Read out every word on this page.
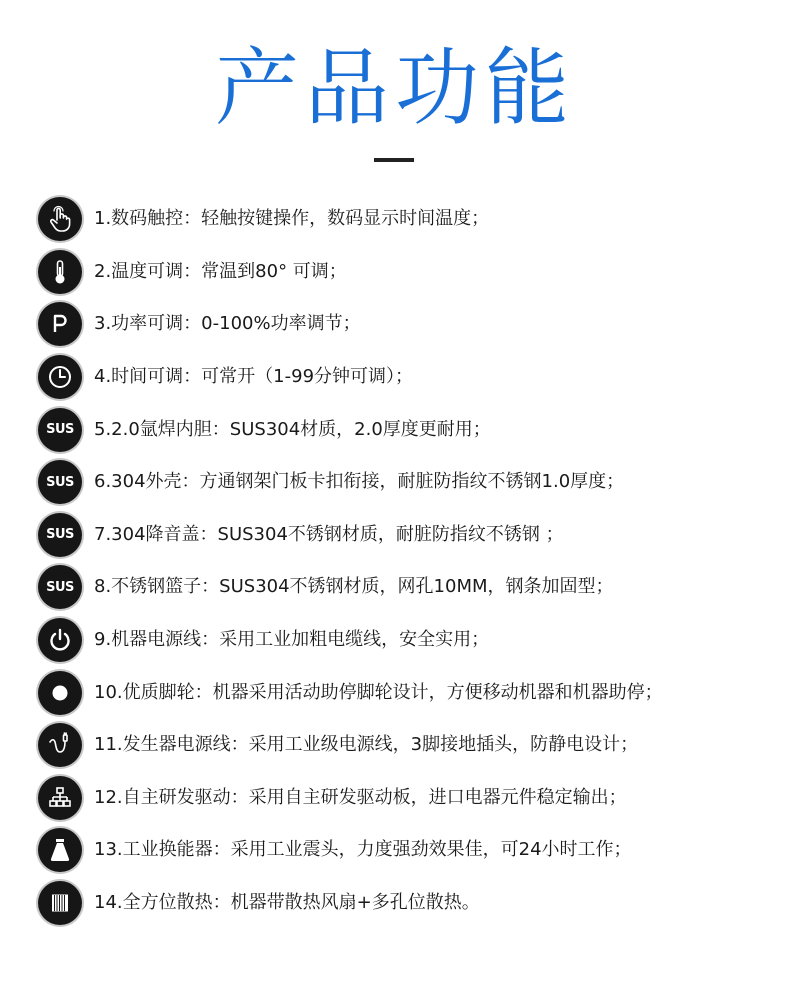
产品功能
1.数码触控：轻触按键操作，数码显示时间温度；
2.温度可调：常温到80° 可调；
3.功率可调：0-100%功率调节；
4.时间可调：可常开（1-99分钟可调）；
SUS 5.2.0氩焊内胆：SUS304材质，2.0厚度更耐用；
SUS 6.304外壳：方通钢架门板卡扣衔接，耐脏防指纹不锈钢1.0厚度；
SUS 7.304降音盖：SUS304不锈钢材质，耐脏防指纹不锈钢 ；
SUS 8.不锈钢篮子：SUS304不锈钢材质，网孔10MM，钢条加固型；
9.机器电源线：采用工业加粗电缆线，安全实用；
10.优质脚轮：机器采用活动助停脚轮设计，方便移动机器和机器助停；
11.发生器电源线：采用工业级电源线，3脚接地插头，防静电设计；
12.自主研发驱动：采用自主研发驱动板，进口电器元件稳定输出；
13.工业换能器：采用工业震头，力度强劲效果佳，可24小时工作；
14.全方位散热：机器带散热风扇+多孔位散热。
